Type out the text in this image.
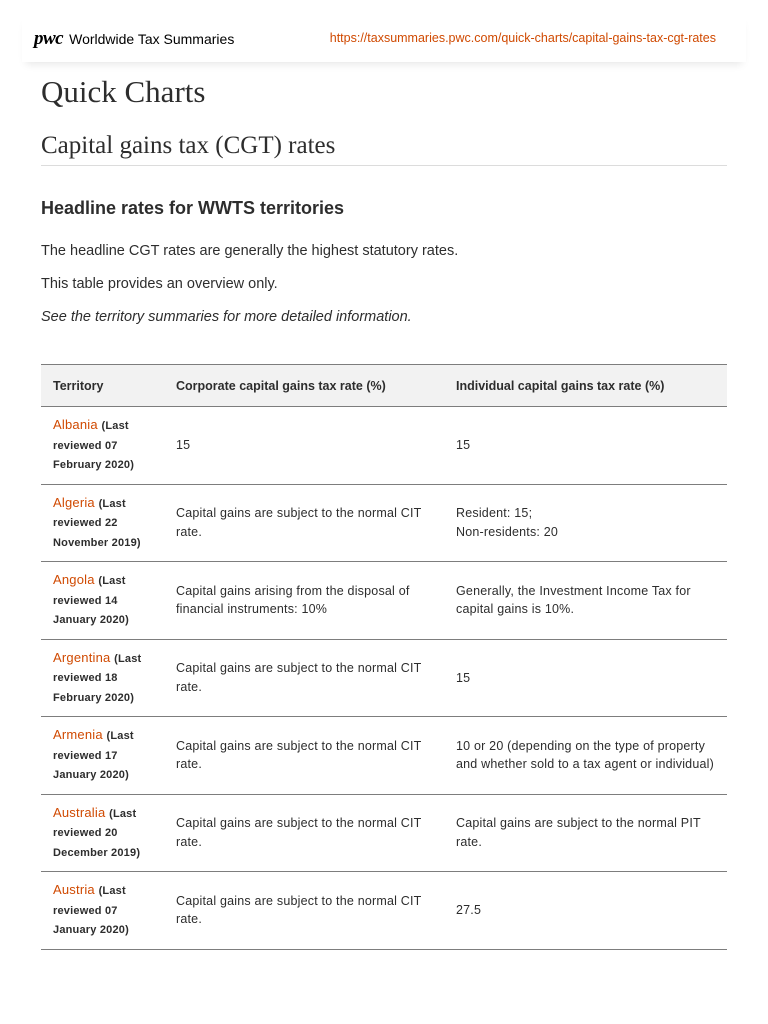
pwc Worldwide Tax Summaries	https://taxsummaries.pwc.com/quick-charts/capital-gains-tax-cgt-rates
Quick Charts
Capital gains tax (CGT) rates
Headline rates for WWTS territories

The headline CGT rates are generally the highest statutory rates.

This table provides an overview only.

See the territory summaries for more detailed information.

Territory	Corporate capital gains tax rate (%)	Individual capital gains tax rate (%)
Albania (Last reviewed 07 February 2020)	15	15
Algeria (Last reviewed 22 November 2019)	Capital gains are subject to the normal CIT rate.	Resident: 15;
Non-residents: 20
Angola (Last reviewed 14 January 2020)	Capital gains arising from the disposal of financial instruments: 10%	Generally, the Investment Income Tax for capital gains is 10%.
Argentina (Last reviewed 18 February 2020)	Capital gains are subject to the normal CIT rate.	15
Armenia (Last reviewed 17 January 2020)	Capital gains are subject to the normal CIT rate.	10 or 20 (depending on the type of property and whether sold to a tax agent or individual)
Australia (Last reviewed 20 December 2019)	Capital gains are subject to the normal CIT rate.	Capital gains are subject to the normal PIT rate.
Austria (Last reviewed 07 January 2020)	Capital gains are subject to the normal CIT rate.	27.5
